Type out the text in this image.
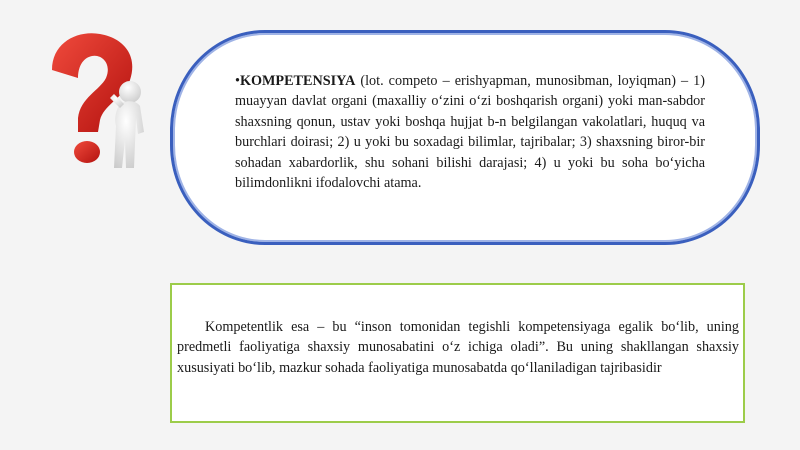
•KOMPETENSIYA (lot. competo – erishyapman, munosibman, loyiqman) – 1) muayyan davlat organi (maxalliy o‘zini o‘zi boshqarish organi) yoki man-sabdor shaxsning qonun, ustav yoki boshqa hujjat b-n belgilangan vakolatlari, huquq va burchlari doirasi; 2) u yoki bu soxadagi bilimlar, tajribalar; 3) shaxsning biror-bir sohadan xabardorlik, shu sohani bilishi darajasi; 4) u yoki bu soha bo‘yicha bilimdonlikni ifodalovchi atama.
Kompetentlik esa – bu “inson tomonidan tegishli kompetensiyaga egalik bo‘lib, uning predmetli faoliyatiga shaxsiy munosabatini o‘z ichiga oladi”. Bu uning shakllangan shaxsiy xususiyati bo‘lib, mazkur sohada faoliyatiga munosabatda qo‘llaniladigan tajribasidir
